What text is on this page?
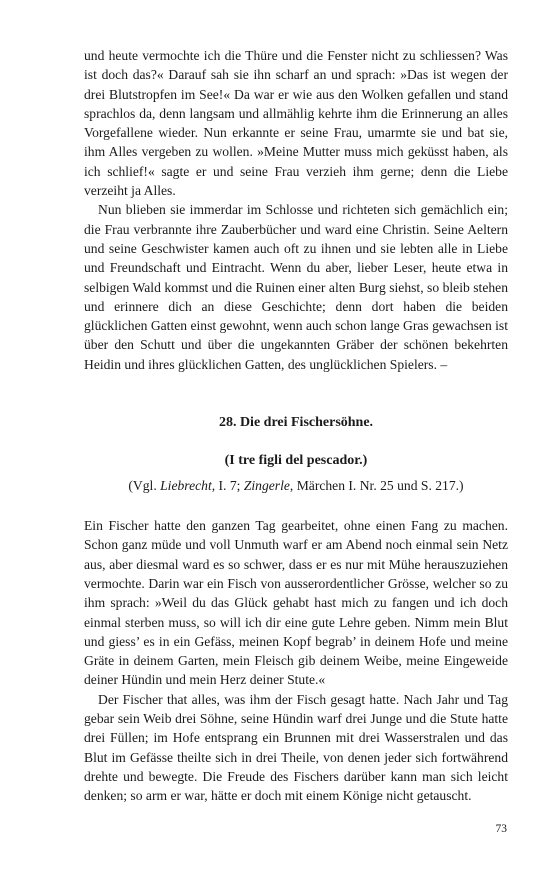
und heute vermochte ich die Thüre und die Fenster nicht zu schliessen? Was ist doch das?« Darauf sah sie ihn scharf an und sprach: »Das ist wegen der drei Blutstropfen im See!« Da war er wie aus den Wolken gefallen und stand sprachlos da, denn langsam und allmählig kehrte ihm die Erinnerung an alles Vorgefallene wieder. Nun erkannte er seine Frau, umarmte sie und bat sie, ihm Alles vergeben zu wollen. »Meine Mutter muss mich geküsst haben, als ich schlief!« sagte er und seine Frau verzieh ihm gerne; denn die Liebe verzeiht ja Alles.

Nun blieben sie immerdar im Schlosse und richteten sich gemächlich ein; die Frau verbrannte ihre Zauberbücher und ward eine Christin. Seine Aeltern und seine Geschwister kamen auch oft zu ihnen und sie lebten alle in Liebe und Freundschaft und Eintracht. Wenn du aber, lieber Leser, heute etwa in selbigen Wald kommst und die Ruinen einer alten Burg siehst, so bleib stehen und erinnere dich an diese Geschichte; denn dort haben die beiden glücklichen Gatten einst gewohnt, wenn auch schon lange Gras gewachsen ist über den Schutt und über die ungekannten Gräber der schönen bekehrten Heidin und ihres glücklichen Gatten, des unglücklichen Spielers. –

28. Die drei Fischersöhne.
(I tre figli del pescador.)

(Vgl. Liebrecht, I. 7; Zingerle, Märchen I. Nr. 25 und S. 217.)

Ein Fischer hatte den ganzen Tag gearbeitet, ohne einen Fang zu machen. Schon ganz müde und voll Unmuth warf er am Abend noch einmal sein Netz aus, aber diesmal ward es so schwer, dass er es nur mit Mühe herauszuziehen vermochte. Darin war ein Fisch von ausserordentlicher Grösse, welcher so zu ihm sprach: »Weil du das Glück gehabt hast mich zu fangen und ich doch einmal sterben muss, so will ich dir eine gute Lehre geben. Nimm mein Blut und giess’ es in ein Gefäss, meinen Kopf begrab’ in deinem Hofe und meine Gräte in deinem Garten, mein Fleisch gib deinem Weibe, meine Eingeweide deiner Hündin und mein Herz deiner Stute.«

Der Fischer that alles, was ihm der Fisch gesagt hatte. Nach Jahr und Tag gebar sein Weib drei Söhne, seine Hündin warf drei Junge und die Stute hatte drei Füllen; im Hofe entsprang ein Brunnen mit drei Wasserstralen und das Blut im Gefässe theilte sich in drei Theile, von denen jeder sich fortwährend drehte und bewegte. Die Freude des Fischers darüber kann man sich leicht denken; so arm er war, hätte er doch mit einem Könige nicht getauscht.

73
